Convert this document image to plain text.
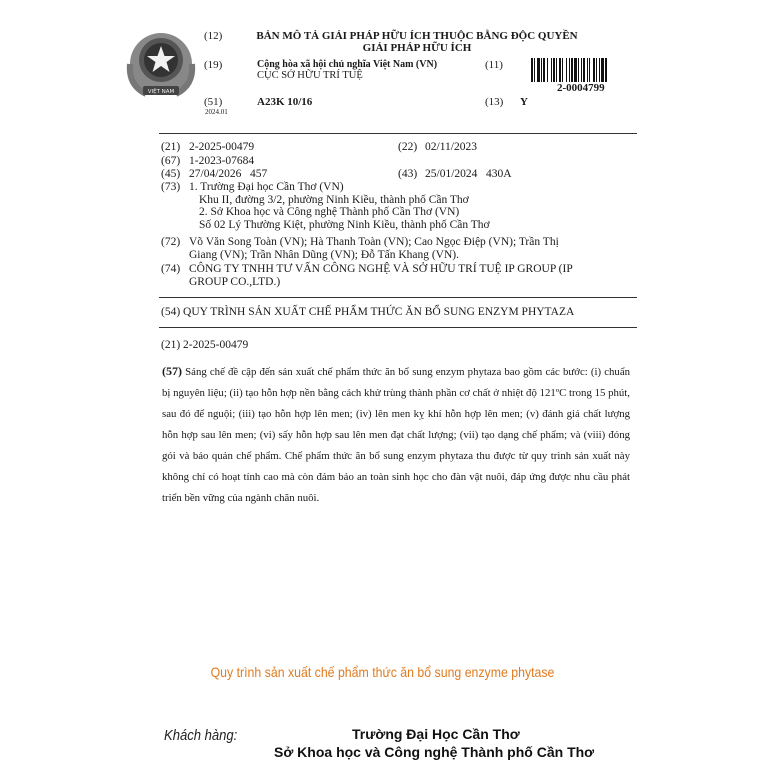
VIỆT NAM
(12)	BẢN MÔ TẢ GIẢI PHÁP HỮU ÍCH THUỘC BẰNG ĐỘC QUYỀN
GIẢI PHÁP HỮU ÍCH
(19)	Cộng hòa xã hội chủ nghĩa Việt Nam (VN)
CỤC SỞ HỮU TRÍ TUỆ
(11)
2-0004799
(51)
2024.01
A23K 10/16	(13) Y
(21) 2-2025-00479	(22) 02/11/2023
(67) 1-2023-07684
(45) 27/04/2026   457	(43) 25/01/2024   430A
(73) 1. Trường Đại học Cần Thơ (VN)
Khu II, đường 3/2, phường Ninh Kiều, thành phố Cần Thơ
2. Sở Khoa học và Công nghệ Thành phố Cần Thơ (VN)
Số 02 Lý Thường Kiệt, phường Ninh Kiều, thành phố Cần Thơ
(72) Võ Văn Song Toàn (VN); Hà Thanh Toàn (VN); Cao Ngọc Điệp (VN); Trần Thị
Giang (VN); Trần Nhân Dũng (VN); Đỗ Tấn Khang (VN).
(74) CÔNG TY TNHH TƯ VẤN CÔNG NGHỆ VÀ SỞ HỮU TRÍ TUỆ IP GROUP (IP
GROUP CO.,LTD.)
(54) QUY TRÌNH SẢN XUẤT CHẾ PHẨM THỨC ĂN BỔ SUNG ENZYM PHYTAZA
(21) 2-2025-00479
(57) Sáng chế đề cập đến sản xuất chế phẩm thức ăn bổ sung enzym phytaza bao gồm các bước: (i) chuẩn bị nguyên liệu; (ii) tạo hỗn hợp nền bằng cách khử trùng thành phần cơ chất ở nhiệt độ 121ºC trong 15 phút, sau đó để nguội; (iii) tạo hỗn hợp lên men; (iv) lên men kỵ khí hỗn hợp lên men; (v) đánh giá chất lượng hỗn hợp sau lên men; (vi) sấy hỗn hợp sau lên men đạt chất lượng; (vii) tạo dạng chế phẩm; và (viii) đóng gói và bảo quản chế phẩm. Chế phẩm thức ăn bổ sung enzym phytaza thu được từ quy trình sản xuất này không chỉ có hoạt tính cao mà còn đảm bảo an toàn sinh học cho đàn vật nuôi, đáp ứng được nhu cầu phát triển bền vững của ngành chăn nuôi.
Quy trình sản xuất chế phẩm thức ăn bổ sung enzyme phytase
Khách hàng:	Trường Đại Học Cần Thơ
Sở Khoa học và Công nghệ Thành phố Cần Thơ
